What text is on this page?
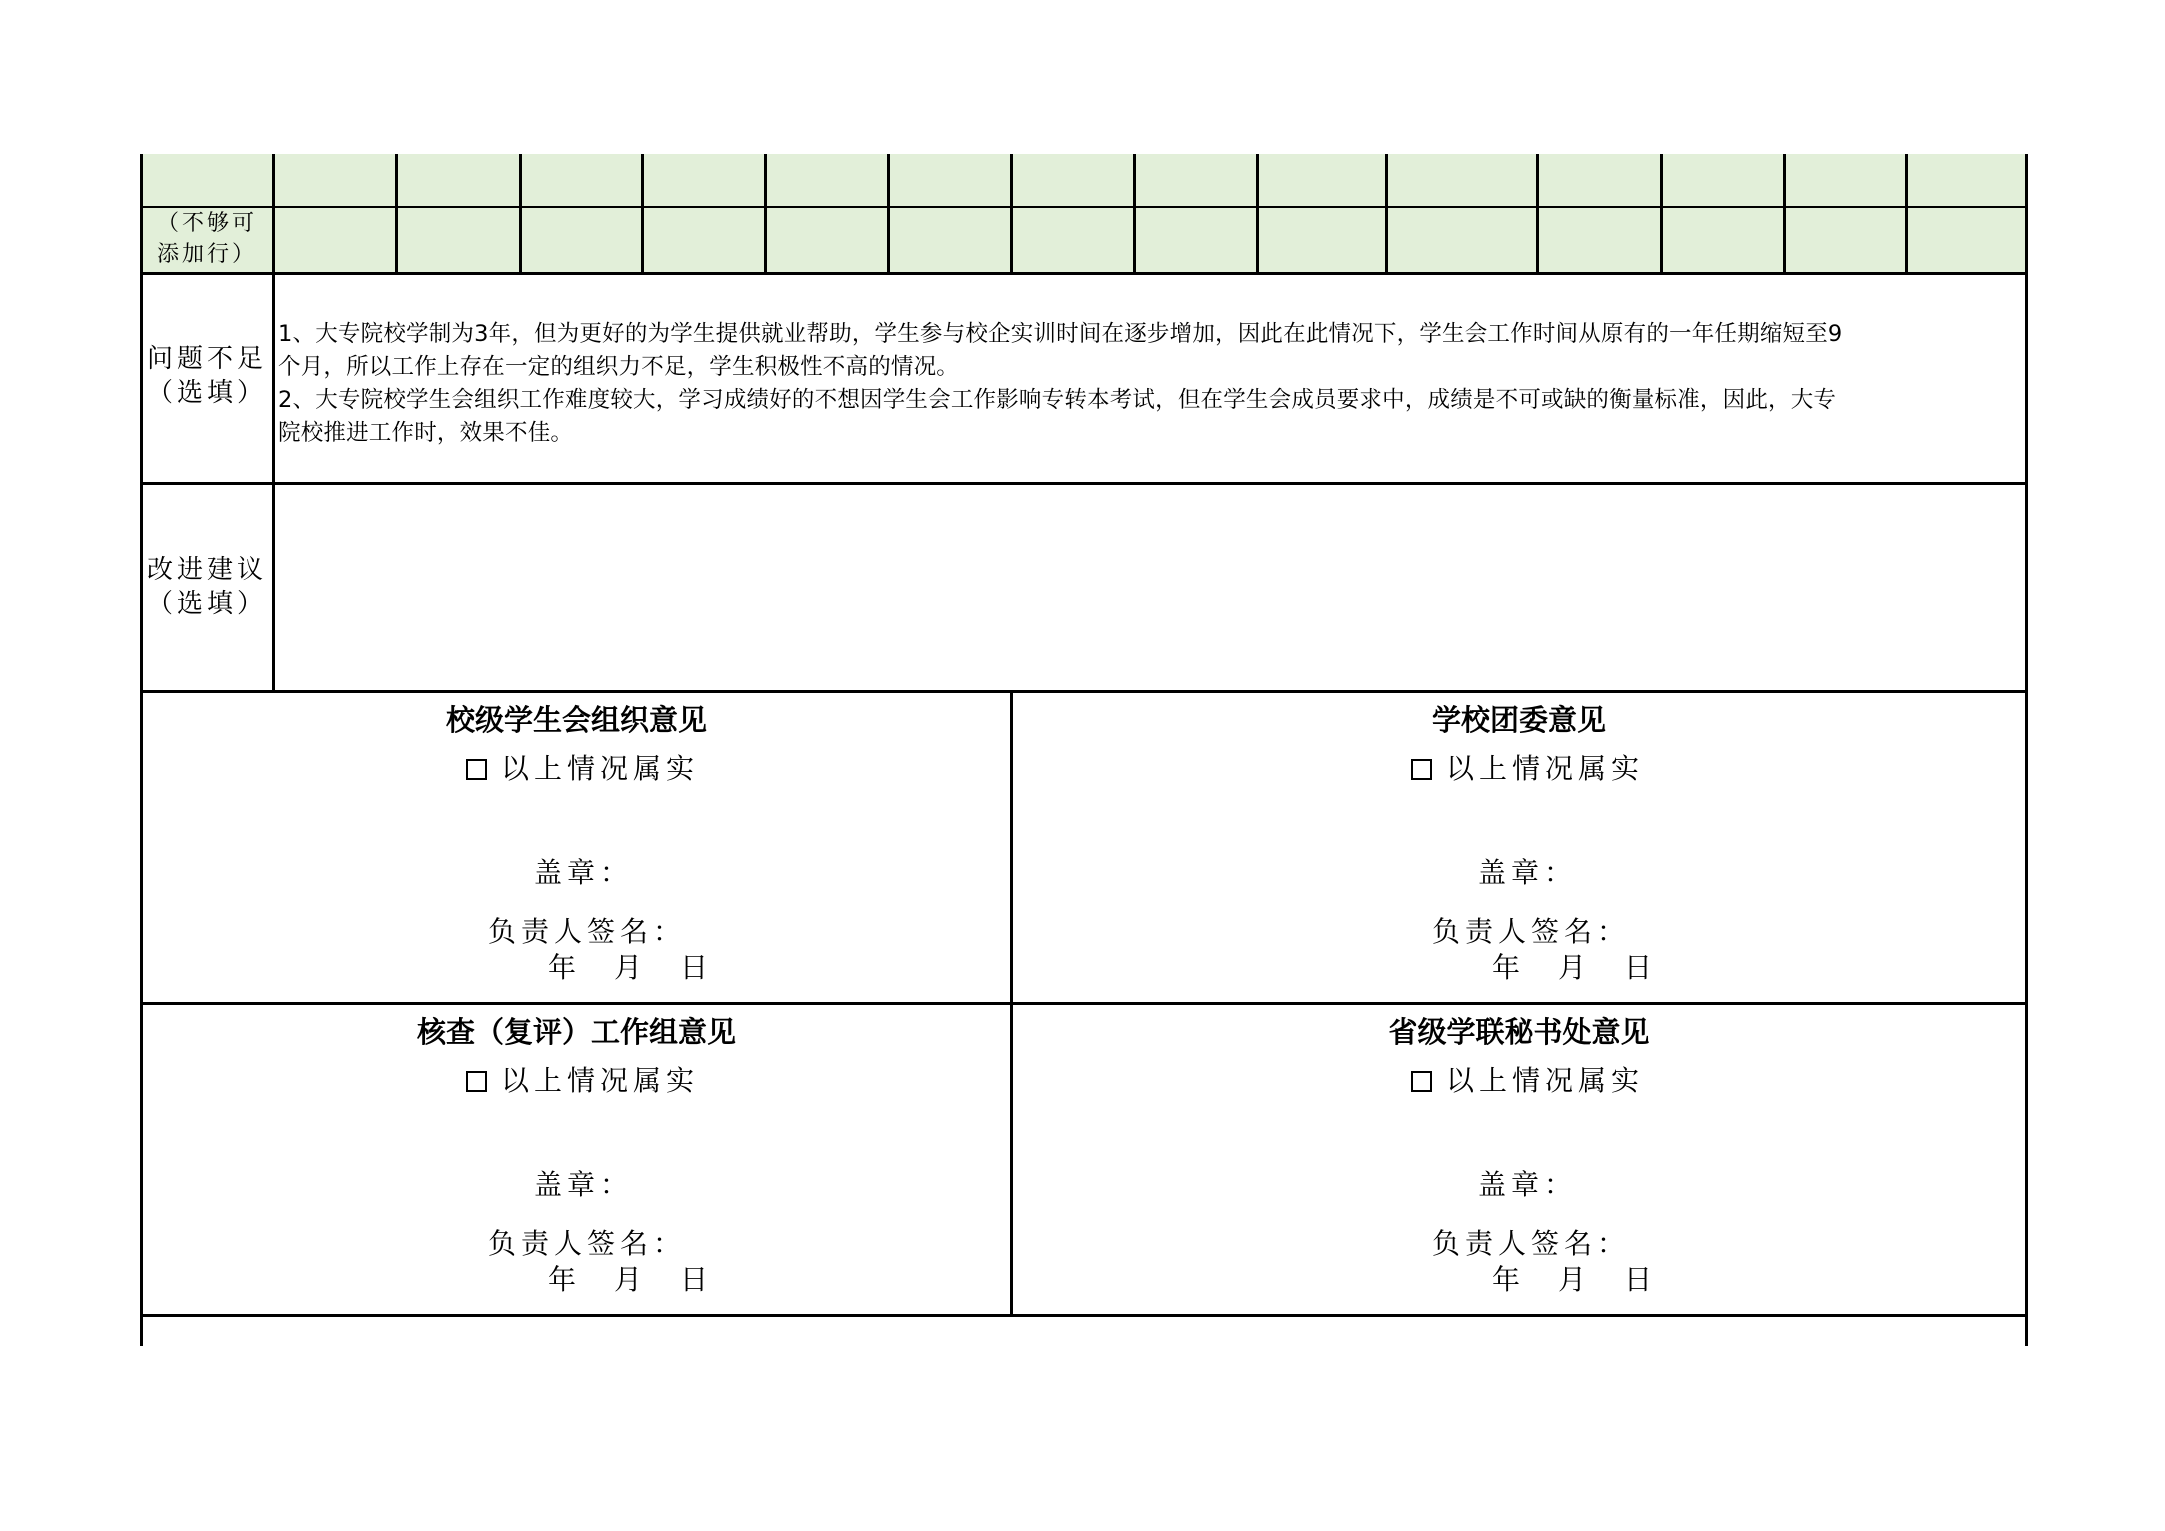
（不够可
添加行）
问题不足
（选填）
1、大专院校学制为3年，但为更好的为学生提供就业帮助，学生参与校企实训时间在逐步增加，因此在此情况下，学生会工作时间从原有的一年任期缩短至9
个月，所以工作上存在一定的组织力不足，学生积极性不高的情况。
2、大专院校学生会组织工作难度较大，学习成绩好的不想因学生会工作影响专转本考试，但在学生会成员要求中，成绩是不可或缺的衡量标准，因此，大专
院校推进工作时，效果不佳。
改进建议
（选填）
校级学生会组织意见
以上情况属实
盖章：
负责人签名：
年　月　日
学校团委意见
以上情况属实
盖章：
负责人签名：
年　月　日
核查（复评）工作组意见
以上情况属实
盖章：
负责人签名：
年　月　日
省级学联秘书处意见
以上情况属实
盖章：
负责人签名：
年　月　日
